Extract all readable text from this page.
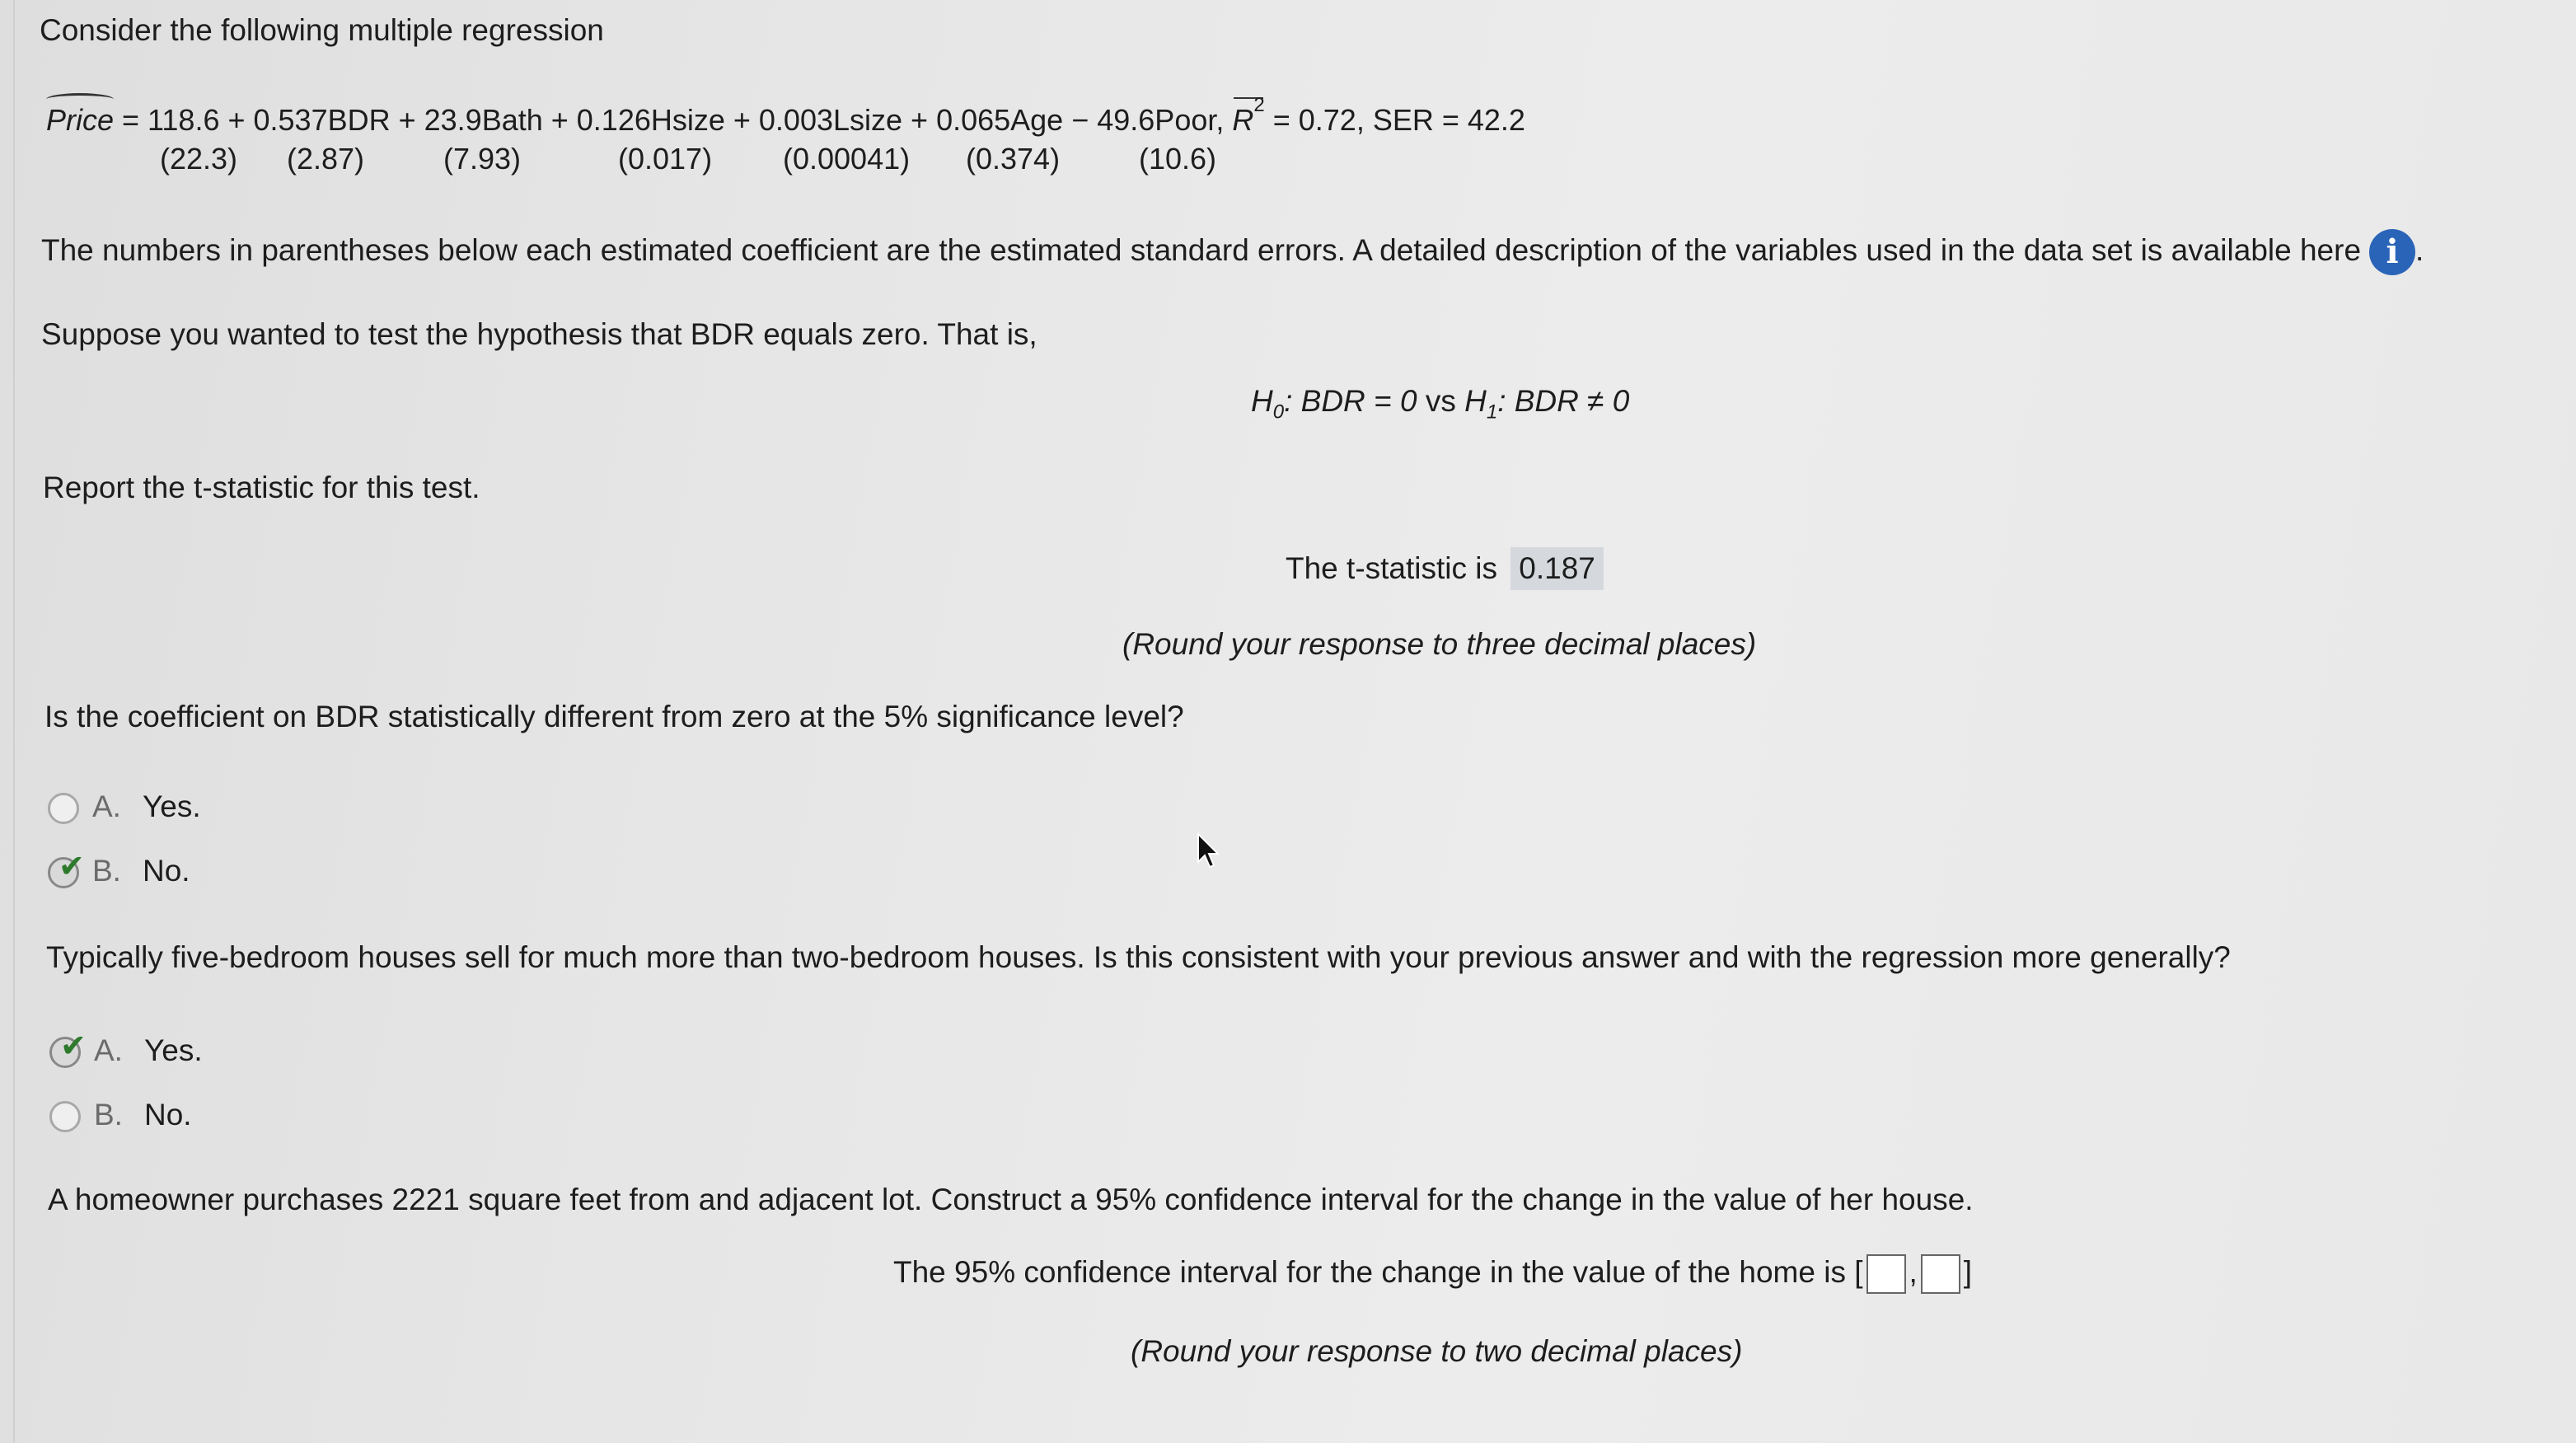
Consider the following multiple regression
Price = 118.6 + 0.537BDR + 23.9Bath + 0.126Hsize + 0.003Lsize + 0.065Age − 49.6Poor, $R^2 = 0.72$, SER = 42.2
(22.3) (2.87)	(7.93)	(0.017) (0.00041) (0.374)	(10.6)
The numbers in parentheses below each estimated coefficient are the estimated standard errors. A detailed description of the variables used in the data set is available here i .
Suppose you wanted to test the hypothesis that BDR equals zero. That is,
$H_0$: BDR = 0 vs $H_1$: BDR ≠ 0
Report the t-statistic for this test.
The t-statistic is 0.187
(Round your response to three decimal places)
Is the coefficient on BDR statistically different from zero at the 5% significance level?
A. Yes.
✔ B. No.
Typically five-bedroom houses sell for much more than two-bedroom houses. Is this consistent with your previous answer and with the regression more generally?
✔ A. Yes.
B. No.
A homeowner purchases 2221 square feet from and adjacent lot. Construct a 95% confidence interval for the change in the value of her house.
The 95% confidence interval for the change in the value of the home is [ , ]
(Round your response to two decimal places)
